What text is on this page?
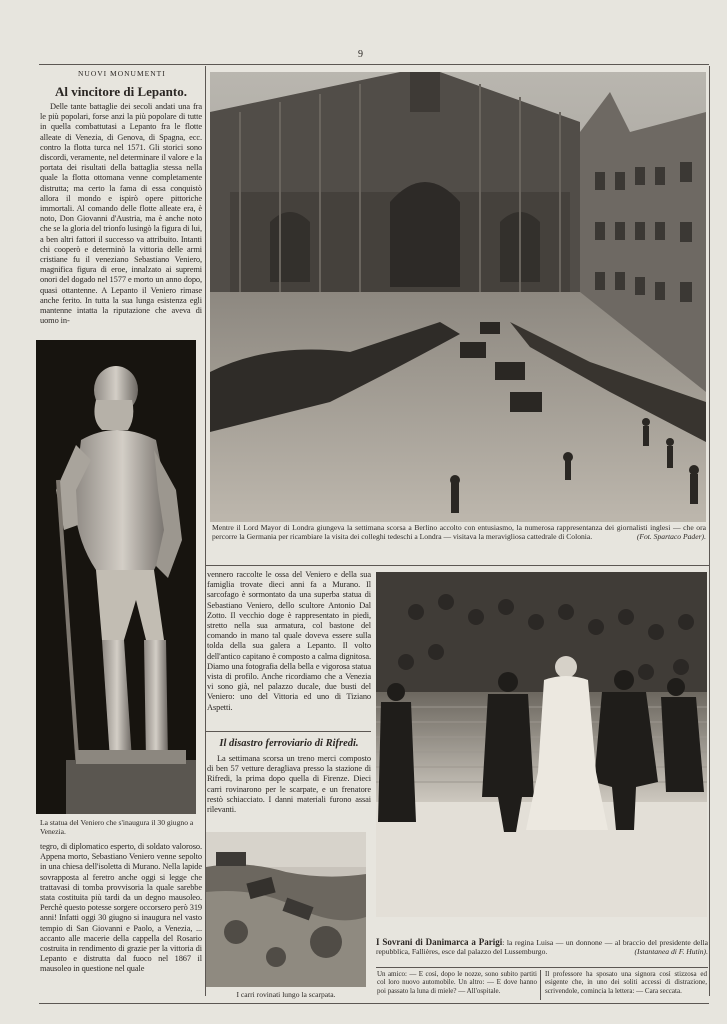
9
NUOVI MONUMENTI
Al vincitore di Lepanto.
Delle tante battaglie dei secoli andati una fra le più popolari, forse anzi la più popolare di tutte in quella combattutasi a Lepanto fra le flotte alleate di Venezia, di Genova, di Spagna, ecc. contro la flotta turca nel 1571. Gli storici sono discordi, veramente, nel determinare il valore e la portata dei risultati della battaglia stessa nella quale la flotta ottomana venne completamente distrutta; ma certo la fama di essa conquistò allora il mondo e ispirò opere pittoriche immortali. Al comando delle flotte alleate era, è noto, Don Giovanni d'Austria, ma è anche noto che se la gloria del trionfo lusingò la figura di lui, a ben altri fattori il successo va attribuito. Intanti chi cooperò e determinò la vittoria delle armi cristiane fu il veneziano Sebastiano Veniero, magnifica figura di eroe, innalzato ai supremi onori del dogado nel 1577 e morto un anno dopo, quasi ottantenne. A Lepanto il Veniero rimase anche ferito. In tutta la sua lunga esistenza egli mantenne intatta la riputazione che aveva di uomo in-
La statua del Veniero che s'inaugura il 30 giugno a Venezia.
tegro, di diplomatico esperto, di soldato valoroso. Appena morto, Sebastiano Veniero venne sepolto in una chiesa dell'isoletta di Murano. Nella lapide sovrapposta al feretro anche oggi si legge che trattavasi di tomba provvisoria la quale sarebbe stata costituita più tardi da un degno mausoleo. Perchè questo potesse sorgere occorsero però 319 anni! Infatti oggi 30 giugno si inaugura nel vasto tempio di San Giovanni e Paolo, a Venezia, ... accanto alle macerie della cappella del Rosario costruita in rendimento di grazie per la vittoria di Lepanto e distrutta dal fuoco nel 1867 il mausoleo in questione nel quale
Mentre il Lord Mayor di Londra giungeva la settimana scorsa a Berlino accolto con entusiasmo, la numerosa rappresentanza dei giornalisti inglesi — che ora percorre la Germania per ricambiare la visita dei colleghi tedeschi a Londra — visitava la meravigliosa cattedrale di Colonia.	(Fot. Spartaco Pader).
vennero raccolte le ossa del Veniero e della sua famiglia trovate dieci anni fa a Murano. Il sarcofago è sormontato da una superba statua di Sebastiano Veniero, dello scultore Antonio Dal Zotto. Il vecchio doge è rappresentato in piedi, stretto nella sua armatura, col bastone del comando in mano tal quale doveva essere sulla tolda della sua galera a Lepanto. Il volto dell'antico capitano è composto a calma dignitosa. Diamo una fotografia della bella e vigorosa statua vista di profilo. Anche ricordiamo che a Venezia vi sono già, nel palazzo ducale, due busti del Veniero: uno del Vittoria ed uno di Tiziano Aspetti.
Il disastro ferroviario di Rifredi.
La settimana scorsa un treno merci composto di ben 57 vetture deragliava presso la stazione di Rifredi, la prima dopo quella di Firenze. Dieci carri rovinarono per le scarpate, e un frenatore restò schiacciato. I danni materiali furono assai rilevanti.
I carri rovinati lungo la scarpata.
I Sovrani di Danimarca a Parigi: la regina Luisa — un donnone — al braccio del presidente della repubblica, Fallières, esce dal palazzo del Lussemburgo.	(Istantanea di F. Hutin).
Un amico: — E così, dopo le nozze, sono subito partiti col loro nuovo automobile. Un altro: — E dove hanno poi passato la luna di miele? — All'ospitale.
Il professore ha sposato una signora così stizzosa ed esigente che, in uno dei soliti accessi di distrazione, scrivendole, comincia la lettera: — Cara seccata.
